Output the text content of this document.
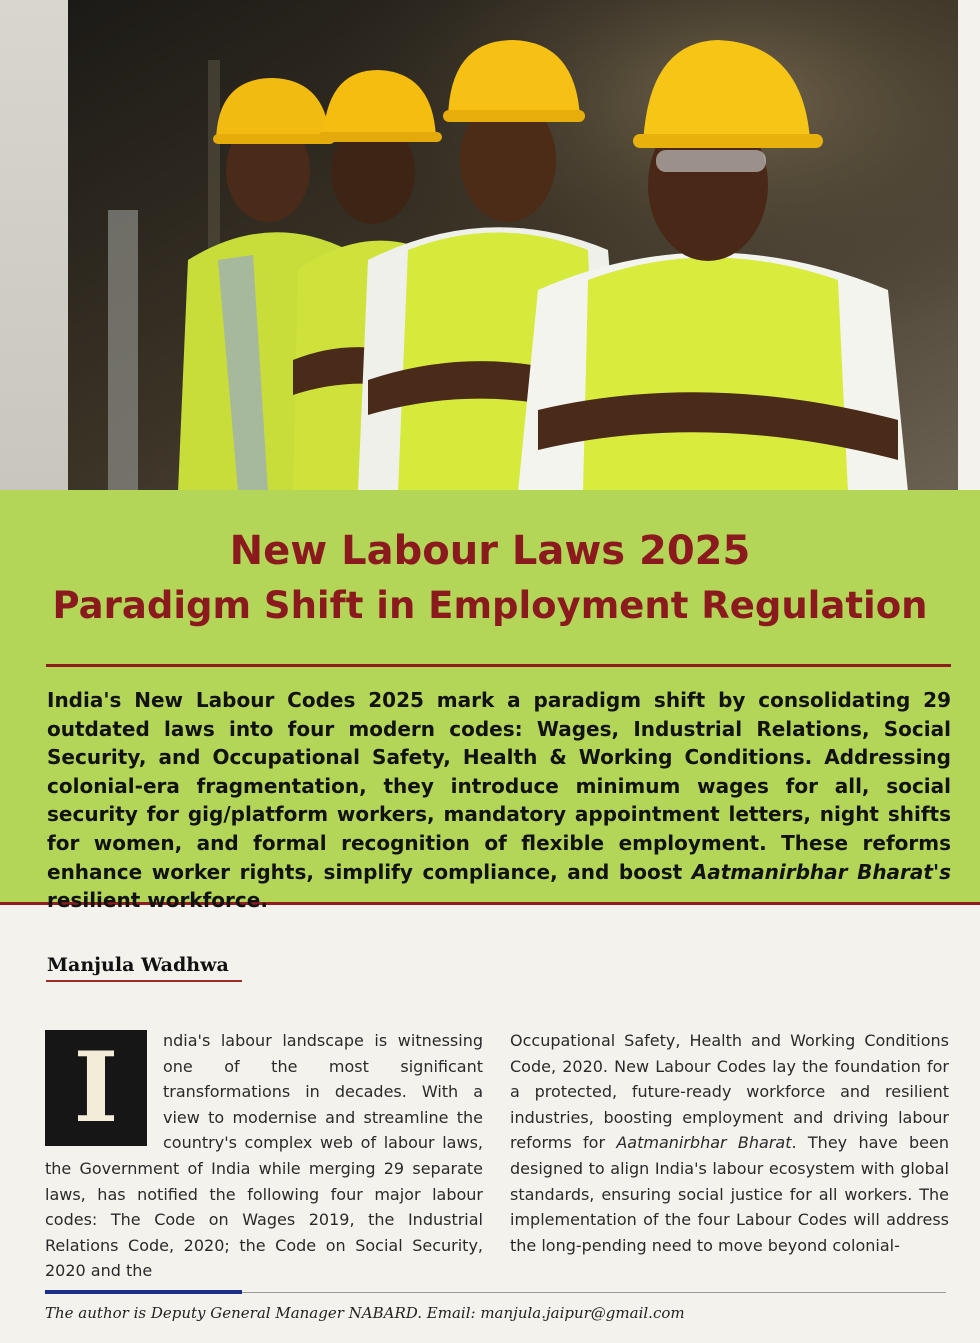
New Labour Laws 2025
Paradigm Shift in Employment Regulation

India's New Labour Codes 2025 mark a paradigm shift by consolidating 29 outdated laws into four modern codes: Wages, Industrial Relations, Social Security, and Occupational Safety, Health & Working Conditions. Addressing colonial-era fragmentation, they introduce minimum wages for all, social security for gig/platform workers, mandatory appointment letters, night shifts for women, and formal recognition of flexible employment. These reforms enhance worker rights, simplify compliance, and boost Aatmanirbhar Bharat's resilient workforce.

Manjula Wadhwa

I	ndia's labour landscape is witnessing one of the most significant transformations in decades. With a view to modernise and streamline the country's complex web of labour laws, the Government of India while merging 29 separate laws, has notified the following four major labour codes: The Code on Wages 2019, the Industrial Relations Code, 2020; the Code on Social Security, 2020 and the

Occupational Safety, Health and Working Conditions Code, 2020. New Labour Codes lay the foundation for a protected, future-ready workforce and resilient industries, boosting employment and driving labour reforms for Aatmanirbhar Bharat. They have been designed to align India's labour ecosystem with global standards, ensuring social justice for all workers. The implementation of the four Labour Codes will address the long-pending need to move beyond colonial-

The author is Deputy General Manager NABARD. Email: manjula.jaipur@gmail.com
